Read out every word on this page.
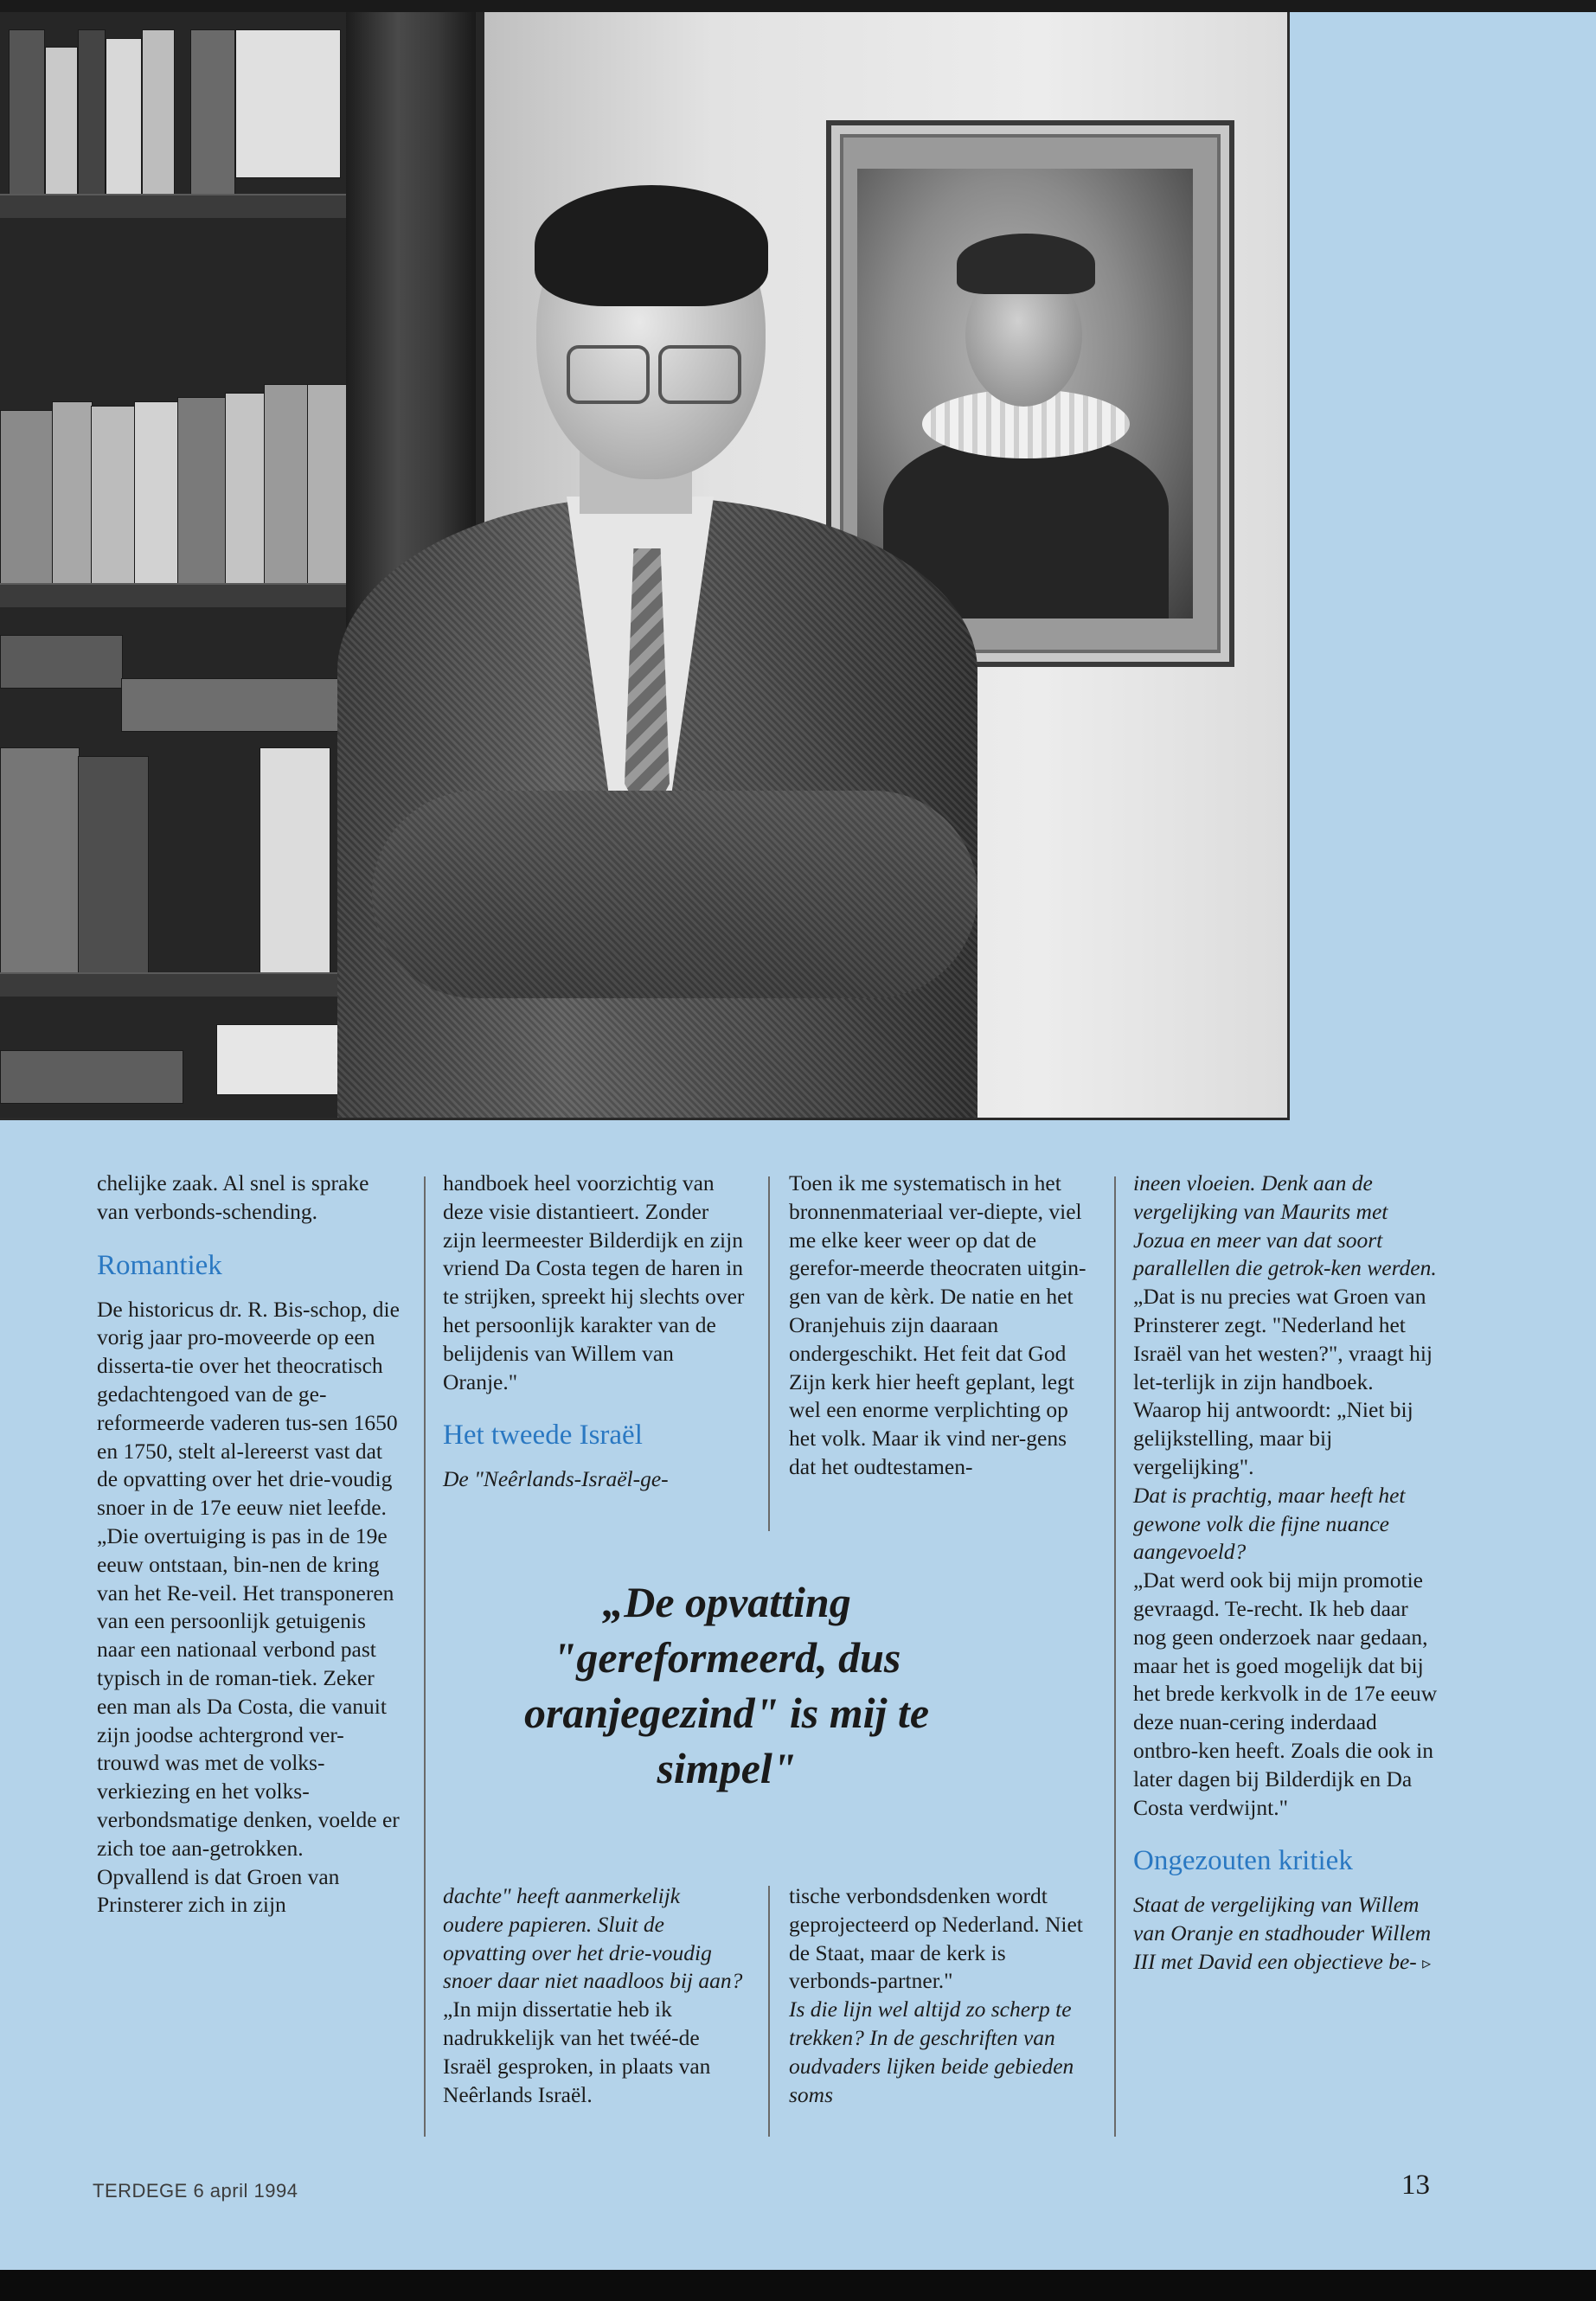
chelijke zaak. Al snel is sprake van verbonds-schending.

Romantiek

De historicus dr. R. Bis-schop, die vorig jaar pro-moveerde op een disserta-tie over het theocratisch gedachtengoed van de ge-reformeerde vaderen tus-sen 1650 en 1750, stelt al-lereerst vast dat de opvatting over het drie-voudig snoer in de 17e eeuw niet leefde.

„Die overtuiging is pas in de 19e eeuw ontstaan, bin-nen de kring van het Re-veil. Het transponeren van een persoonlijk getuigenis naar een nationaal verbond past typisch in de roman-tiek. Zeker een man als Da Costa, die vanuit zijn joodse achtergrond ver-trouwd was met de volks-verkiezing en het volks-verbondsmatige denken, voelde er zich toe aan-getrokken.

Opvallend is dat Groen van Prinsterer zich in zijn

handboek heel voorzichtig van deze visie distantieert. Zonder zijn leermeester Bilderdijk en zijn vriend Da Costa tegen de haren in te strijken, spreekt hij slechts over het persoonlijk karakter van de belijdenis van Willem van Oranje."

Het tweede Israël

De "Neêrlands-Israël-ge-

Toen ik me systematisch in het bronnenmateriaal ver-diepte, viel me elke keer weer op dat de gerefor-meerde theocraten uitgin-gen van de kèrk. De natie en het Oranjehuis zijn daaraan ondergeschikt. Het feit dat God Zijn kerk hier heeft geplant, legt wel een enorme verplichting op het volk. Maar ik vind ner-gens dat het oudtestamen-

„De opvatting
"gereformeerd, dus
oranjegezind" is mij te
simpel"

dachte" heeft aanmerkelijk oudere papieren. Sluit de opvatting over het drie-voudig snoer daar niet naadloos bij aan?

„In mijn dissertatie heb ik nadrukkelijk van het twéé-de Israël gesproken, in plaats van Neêrlands Israël.

tische verbondsdenken wordt geprojecteerd op Nederland. Niet de Staat, maar de kerk is verbonds-partner."

Is die lijn wel altijd zo scherp te trekken? In de geschriften van oudvaders lijken beide gebieden soms

ineen vloeien. Denk aan de vergelijking van Maurits met Jozua en meer van dat soort parallellen die getrok-ken werden.

„Dat is nu precies wat Groen van Prinsterer zegt. "Nederland het Israël van het westen?", vraagt hij let-terlijk in zijn handboek. Waarop hij antwoordt: „Niet bij gelijkstelling, maar bij vergelijking".

Dat is prachtig, maar heeft het gewone volk die fijne nuance aangevoeld?

„Dat werd ook bij mijn promotie gevraagd. Te-recht. Ik heb daar nog geen onderzoek naar gedaan, maar het is goed mogelijk dat bij het brede kerkvolk in de 17e eeuw deze nuan-cering inderdaad ontbro-ken heeft. Zoals die ook in later dagen bij Bilderdijk en Da Costa verdwijnt."

Ongezouten kritiek

Staat de vergelijking van Willem van Oranje en stadhouder Willem III met David een objectieve be- ▹

TERDEGE 6 april 1994	13
